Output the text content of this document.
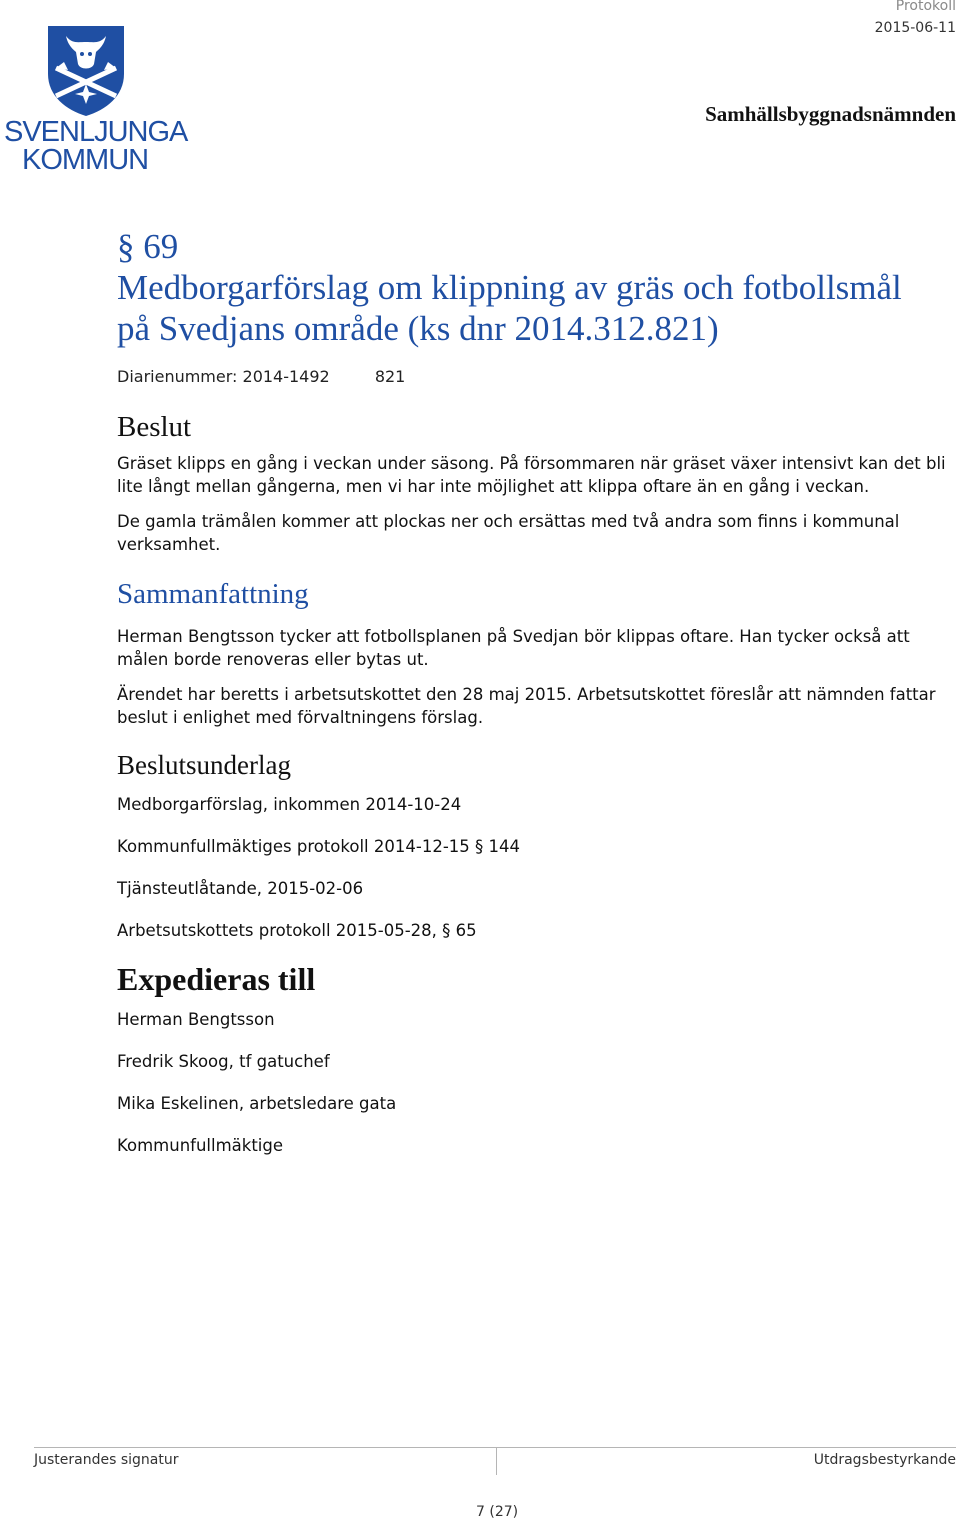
SVENLJUNGA
KOMMUN
Protokoll
2015-06-11
Samhällsbyggnadsnämnden
§ 69
Medborgarförslag om klippning av gräs och fotbollsmål
på Svedjans område (ks dnr 2014.312.821)
Diarienummer: 2014-1492	821
Beslut

Gräset klipps en gång i veckan under säsong. På försommaren när gräset växer intensivt kan det bli lite långt mellan gångerna, men vi har inte möjlighet att klippa oftare än en gång i veckan.

De gamla trämålen kommer att plockas ner och ersättas med två andra som finns i kommunal verksamhet.

Sammanfattning

Herman Bengtsson tycker att fotbollsplanen på Svedjan bör klippas oftare. Han tycker också att målen borde renoveras eller bytas ut.

Ärendet har beretts i arbetsutskottet den 28 maj 2015. Arbetsutskottet föreslår att nämnden fattar beslut i enlighet med förvaltningens förslag.

Beslutsunderlag
Medborgarförslag, inkommen 2014-10-24
Kommunfullmäktiges protokoll 2014-12-15 § 144
Tjänsteutlåtande, 2015-02-06
Arbetsutskottets protokoll 2015-05-28, § 65
Expedieras till
Herman Bengtsson
Fredrik Skoog, tf gatuchef
Mika Eskelinen, arbetsledare gata
Kommunfullmäktige
Justerandes signatur	Utdragsbestyrkande
7 (27)
